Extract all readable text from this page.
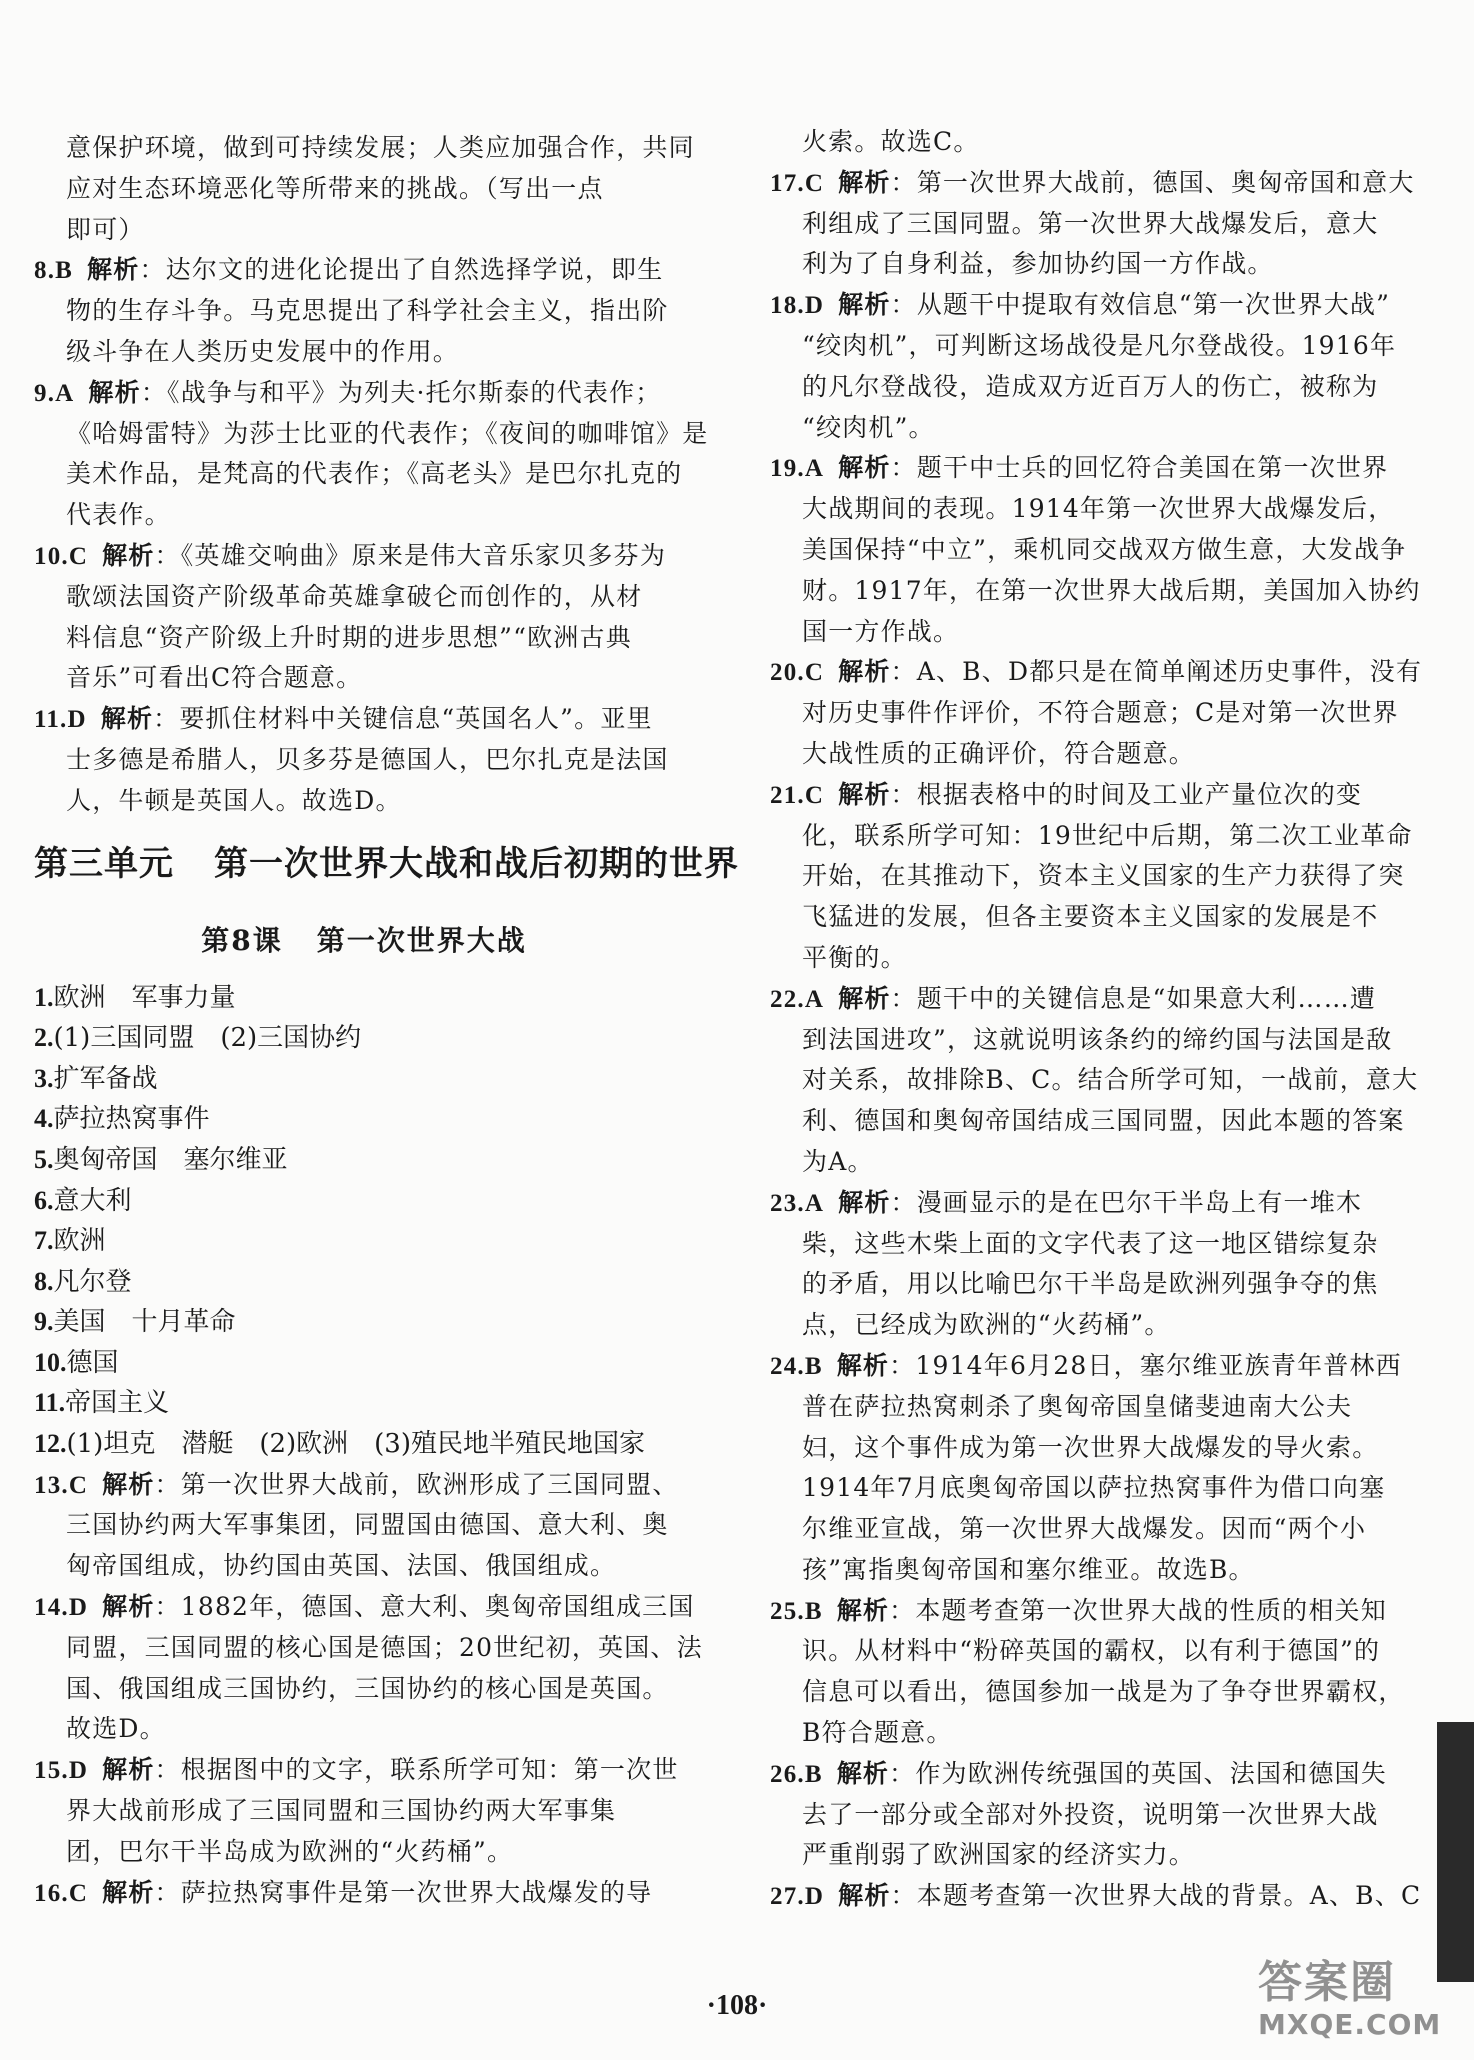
意保护环境，做到可持续发展；人类应加强合作，共同
应对生态环境恶化等所带来的挑战。（写出一点
即可）
8.B 解析：达尔文的进化论提出了自然选择学说，即生
物的生存斗争。马克思提出了科学社会主义，指出阶
级斗争在人类历史发展中的作用。
9.A 解析：《战争与和平》为列夫·托尔斯泰的代表作；
《哈姆雷特》为莎士比亚的代表作；《夜间的咖啡馆》是
美术作品，是梵高的代表作；《高老头》是巴尔扎克的
代表作。
10.C 解析：《英雄交响曲》原来是伟大音乐家贝多芬为
歌颂法国资产阶级革命英雄拿破仑而创作的，从材
料信息“资产阶级上升时期的进步思想”“欧洲古典
音乐”可看出C符合题意。
11.D 解析：要抓住材料中关键信息“英国名人”。亚里
士多德是希腊人，贝多芬是德国人，巴尔扎克是法国
人，牛顿是英国人。故选D。
第三单元 第一次世界大战和战后初期的世界
第8课 第一次世界大战
1.欧洲　军事力量
2.(1)三国同盟　(2)三国协约
3.扩军备战
4.萨拉热窝事件
5.奥匈帝国　塞尔维亚
6.意大利
7.欧洲
8.凡尔登
9.美国　十月革命
10.德国
11.帝国主义
12.(1)坦克　潜艇　(2)欧洲　(3)殖民地半殖民地国家
13.C 解析：第一次世界大战前，欧洲形成了三国同盟、
三国协约两大军事集团，同盟国由德国、意大利、奥
匈帝国组成，协约国由英国、法国、俄国组成。
14.D 解析：1882年，德国、意大利、奥匈帝国组成三国
同盟，三国同盟的核心国是德国；20世纪初，英国、法
国、俄国组成三国协约，三国协约的核心国是英国。
故选D。
15.D 解析：根据图中的文字，联系所学可知：第一次世
界大战前形成了三国同盟和三国协约两大军事集
团，巴尔干半岛成为欧洲的“火药桶”。
16.C 解析：萨拉热窝事件是第一次世界大战爆发的导
火索。故选C。
17.C 解析：第一次世界大战前，德国、奥匈帝国和意大
利组成了三国同盟。第一次世界大战爆发后，意大
利为了自身利益，参加协约国一方作战。
18.D 解析：从题干中提取有效信息“第一次世界大战”
“绞肉机”，可判断这场战役是凡尔登战役。1916年
的凡尔登战役，造成双方近百万人的伤亡，被称为
“绞肉机”。
19.A 解析：题干中士兵的回忆符合美国在第一次世界
大战期间的表现。1914年第一次世界大战爆发后，
美国保持“中立”，乘机同交战双方做生意，大发战争
财。1917年，在第一次世界大战后期，美国加入协约
国一方作战。
20.C 解析：A、B、D都只是在简单阐述历史事件，没有
对历史事件作评价，不符合题意；C是对第一次世界
大战性质的正确评价，符合题意。
21.C 解析：根据表格中的时间及工业产量位次的变
化，联系所学可知：19世纪中后期，第二次工业革命
开始，在其推动下，资本主义国家的生产力获得了突
飞猛进的发展，但各主要资本主义国家的发展是不
平衡的。
22.A 解析：题干中的关键信息是“如果意大利……遭
到法国进攻”，这就说明该条约的缔约国与法国是敌
对关系，故排除B、C。结合所学可知，一战前，意大
利、德国和奥匈帝国结成三国同盟，因此本题的答案
为A。
23.A 解析：漫画显示的是在巴尔干半岛上有一堆木
柴，这些木柴上面的文字代表了这一地区错综复杂
的矛盾，用以比喻巴尔干半岛是欧洲列强争夺的焦
点，已经成为欧洲的“火药桶”。
24.B 解析：1914年6月28日，塞尔维亚族青年普林西
普在萨拉热窝刺杀了奥匈帝国皇储斐迪南大公夫
妇，这个事件成为第一次世界大战爆发的导火索。
1914年7月底奥匈帝国以萨拉热窝事件为借口向塞
尔维亚宣战，第一次世界大战爆发。因而“两个小
孩”寓指奥匈帝国和塞尔维亚。故选B。
25.B 解析：本题考查第一次世界大战的性质的相关知
识。从材料中“粉碎英国的霸权，以有利于德国”的
信息可以看出，德国参加一战是为了争夺世界霸权，
B符合题意。
26.B 解析：作为欧洲传统强国的英国、法国和德国失
去了一部分或全部对外投资，说明第一次世界大战
严重削弱了欧洲国家的经济实力。
27.D 解析：本题考查第一次世界大战的背景。A、B、C
·108·	答案圈
MXQE.COM
